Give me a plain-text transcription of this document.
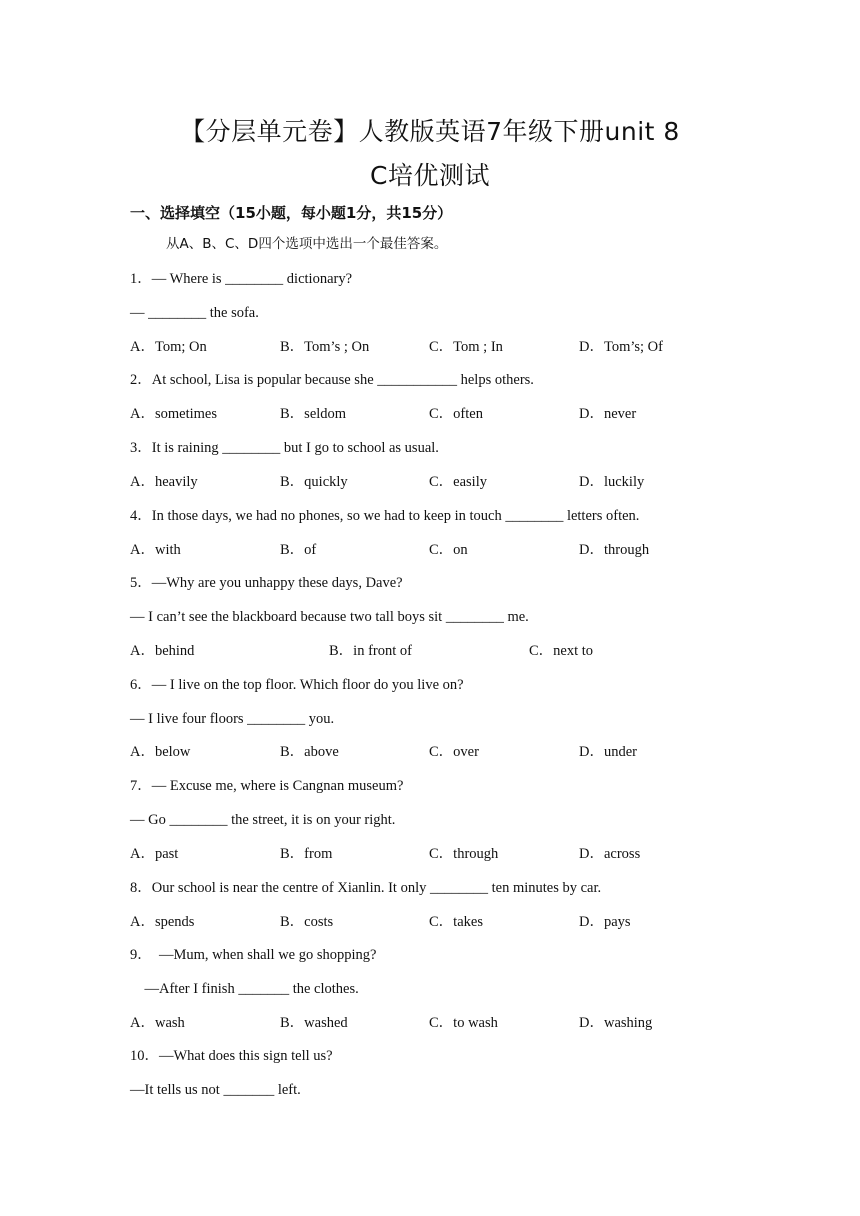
【分层单元卷】人教版英语7年级下册unit 8
C培优测试
一、选择填空（15小题，每小题1分，共15分）
从A、B、C、D四个选项中选出一个最佳答案。
1．— Where is ________ dictionary?
— ________ the sofa.
A．Tom; On	B．Tom’s ; On	C．Tom ; In	D．Tom’s; Of
2．At school, Lisa is popular because she ___________ helps others.
A．sometimes	B．seldom	C．often	D．never
3．It is raining ________ but I go to school as usual.
A．heavily	B．quickly	C．easily	D．luckily
4．In those days, we had no phones, so we had to keep in touch ________ letters often.
A．with	B．of	C．on	D．through
5．—Why are you unhappy these days, Dave?
— I can’t see the blackboard because two tall boys sit ________ me.
A．behind	B．in front of	C．next to
6．— I live on the top floor. Which floor do you live on?
— I live four floors ________ you.
A．below	B．above	C．over	D．under
7．— Excuse me, where is Cangnan museum?
— Go ________ the street, it is on your right.
A．past	B．from	C．through	D．across
8．Our school is near the centre of Xianlin. It only ________ ten minutes by car.
A．spends	B．costs	C．takes	D．pays
9．　—Mum, when shall we go shopping?
　—After I finish _______ the clothes.
A．wash	B．washed	C．to wash	D．washing
10．—What does this sign tell us?
—It tells us not _______ left.
